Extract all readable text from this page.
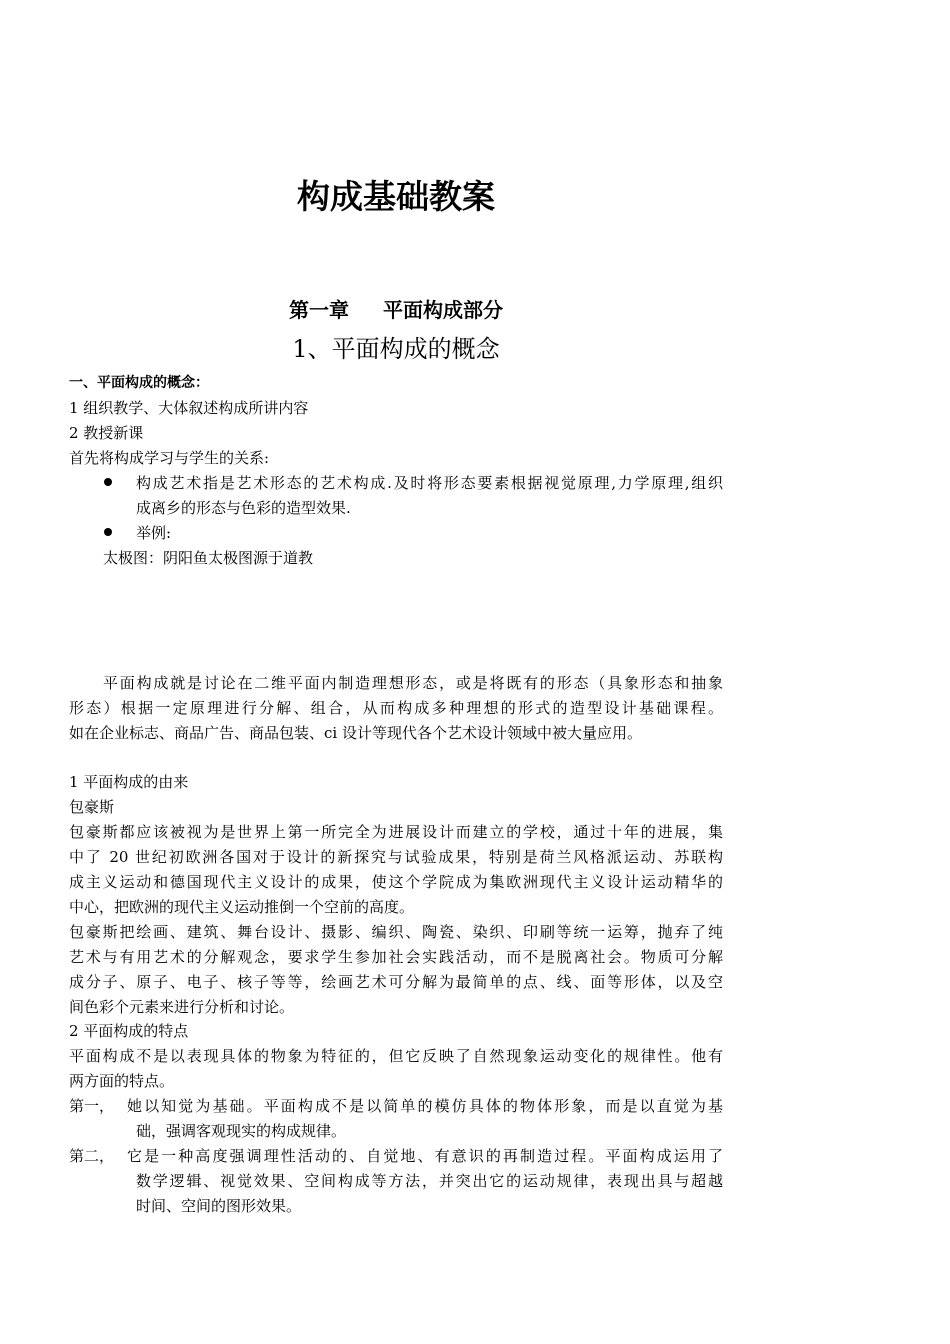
构成基础教案
第一章 平面构成部分
1、平面构成的概念
一、平面构成的概念：
1 组织教学、大体叙述构成所讲内容
2 教授新课
首先将构成学习与学生的关系:
构成艺术指是艺术形态的艺术构成.及时将形态要素根据视觉原理,力学原理,组织
成离乡的形态与色彩的造型效果.
举例:
太极图：阴阳鱼太极图源于道教
平面构成就是讨论在二维平面内制造理想形态，或是将既有的形态（具象形态和抽象
形态）根据一定原理进行分解、组合，从而构成多种理想的形式的造型设计基础课程。
如在企业标志、商品广告、商品包装、ci 设计等现代各个艺术设计领域中被大量应用。
1 平面构成的由来
包豪斯
包豪斯都应该被视为是世界上第一所完全为进展设计而建立的学校，通过十年的进展，集
中了 20 世纪初欧洲各国对于设计的新探究与试验成果，特别是荷兰风格派运动、苏联构
成主义运动和德国现代主义设计的成果，使这个学院成为集欧洲现代主义设计运动精华的
中心，把欧洲的现代主义运动推倒一个空前的高度。
包豪斯把绘画、建筑、舞台设计、摄影、编织、陶瓷、染织、印刷等统一运筹，抛弃了纯
艺术与有用艺术的分解观念，要求学生参加社会实践活动，而不是脱离社会。物质可分解
成分子、原子、电子、核子等等，绘画艺术可分解为最简单的点、线、面等形体，以及空
间色彩个元素来进行分析和讨论。
2 平面构成的特点
平面构成不是以表现具体的物象为特征的，但它反映了自然现象运动变化的规律性。他有
两方面的特点。
第一， 她以知觉为基础。平面构成不是以简单的模仿具体的物体形象，而是以直觉为基
础，强调客观现实的构成规律。
第二， 它是一种高度强调理性活动的、自觉地、有意识的再制造过程。平面构成运用了
数学逻辑、视觉效果、空间构成等方法，并突出它的运动规律，表现出具与超越
时间、空间的图形效果。
